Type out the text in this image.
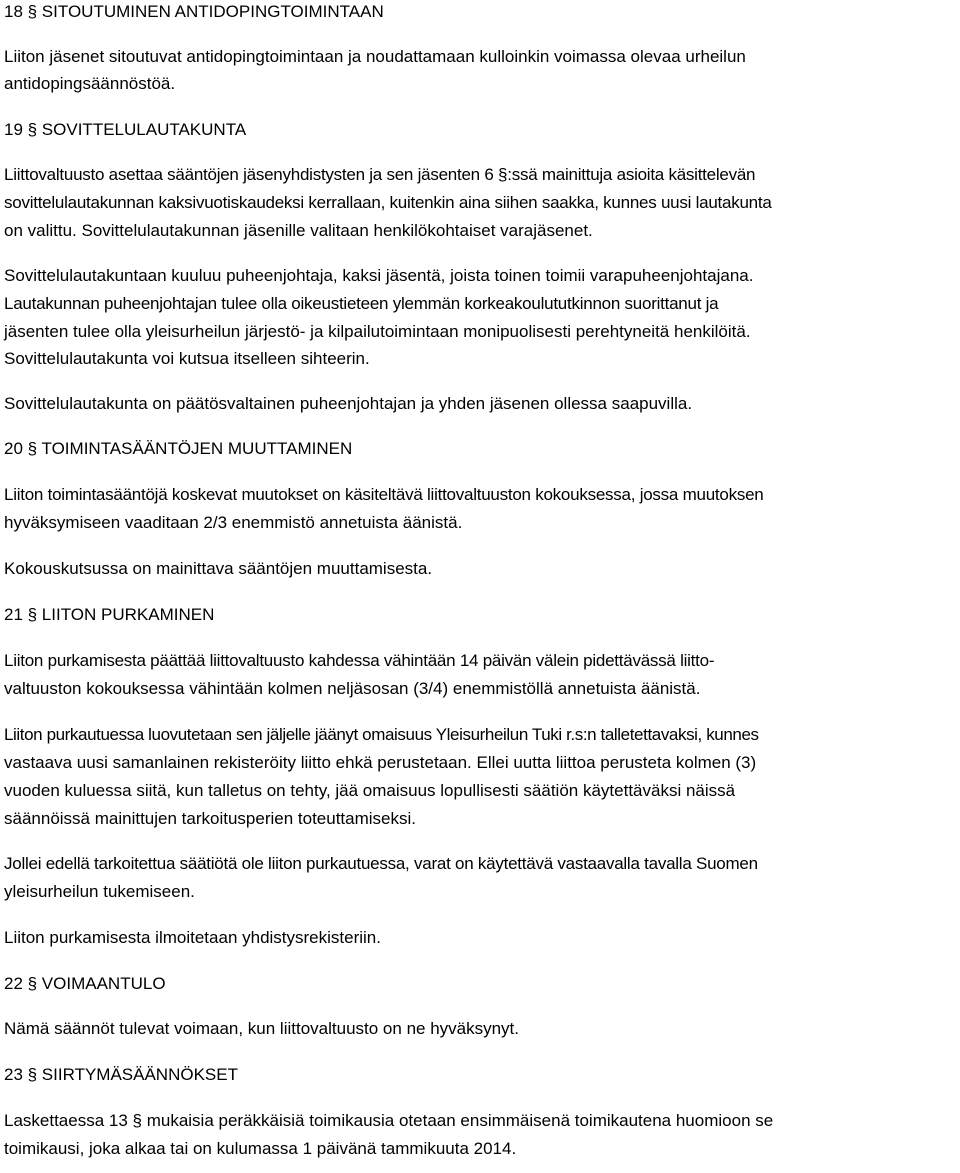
18 § SITOUTUMINEN ANTIDOPINGTOIMINTAAN
Liiton jäsenet sitoutuvat antidopingtoimintaan ja noudattamaan kulloinkin voimassa olevaa urheilun
antidopingsäännöstöä.
19 § SOVITTELULAUTAKUNTA
Liittovaltuusto asettaa sääntöjen jäsenyhdistysten ja sen jäsenten 6 §:ssä mainittuja asioita käsittelevän
sovittelulautakunnan kaksivuotiskaudeksi kerrallaan, kuitenkin aina siihen saakka, kunnes uusi lautakunta
on valittu. Sovittelulautakunnan jäsenille valitaan henkilökohtaiset varajäsenet.
Sovittelulautakuntaan kuuluu puheenjohtaja, kaksi jäsentä, joista toinen toimii varapuheenjohtajana.
Lautakunnan puheenjohtajan tulee olla oikeustieteen ylemmän korkeakoulututkinnon suorittanut ja
jäsenten tulee olla yleisurheilun järjestö- ja kilpailutoimintaan monipuolisesti perehtyneitä henkilöitä.
Sovittelulautakunta voi kutsua itselleen sihteerin.
Sovittelulautakunta on päätösvaltainen puheenjohtajan ja yhden jäsenen ollessa saapuvilla.
20 § TOIMINTASÄÄNTÖJEN MUUTTAMINEN
Liiton toimintasääntöjä koskevat muutokset on käsiteltävä liittovaltuuston kokouksessa, jossa muutoksen
hyväksymiseen vaaditaan 2/3 enemmistö annetuista äänistä.
Kokouskutsussa on mainittava sääntöjen muuttamisesta.
21 § LIITON PURKAMINEN
Liiton purkamisesta päättää liittovaltuusto kahdessa vähintään 14 päivän välein pidettävässä liitto-
valtuuston kokouksessa vähintään kolmen neljäsosan (3/4) enemmistöllä annetuista äänistä.
Liiton purkautuessa luovutetaan sen jäljelle jäänyt omaisuus Yleisurheilun Tuki r.s:n talletettavaksi, kunnes
vastaava uusi samanlainen rekisteröity liitto ehkä perustetaan. Ellei uutta liittoa perusteta kolmen (3)
vuoden kuluessa siitä, kun talletus on tehty, jää omaisuus lopullisesti säätiön käytettäväksi näissä
säännöissä mainittujen tarkoitusperien toteuttamiseksi.
Jollei edellä tarkoitettua säätiötä ole liiton purkautuessa, varat on käytettävä vastaavalla tavalla Suomen
yleisurheilun tukemiseen.
Liiton purkamisesta ilmoitetaan yhdistysrekisteriin.
22 § VOIMAANTULO
Nämä säännöt tulevat voimaan, kun liittovaltuusto on ne hyväksynyt.
23 § SIIRTYMÄSÄÄNNÖKSET
Laskettaessa 13 § mukaisia peräkkäisiä toimikausia otetaan ensimmäisenä toimikautena huomioon se
toimikausi, joka alkaa tai on kulumassa 1 päivänä tammikuuta 2014.
